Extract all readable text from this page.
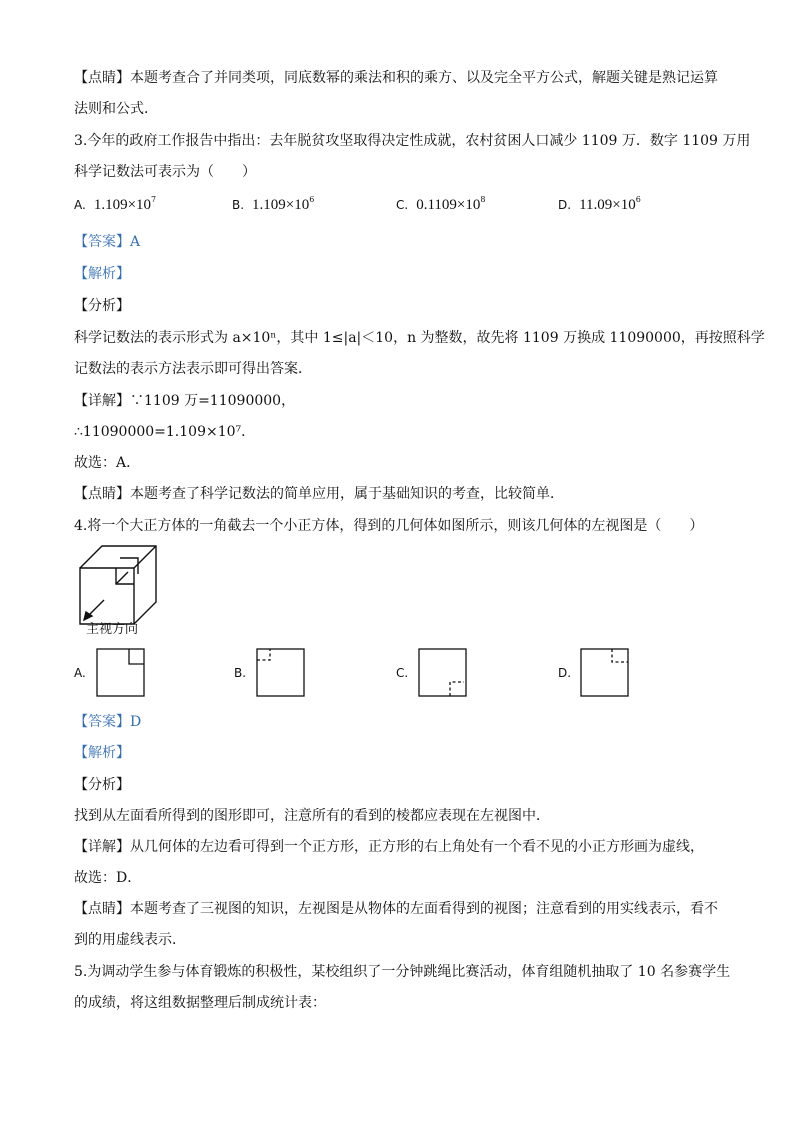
【点睛】本题考查合了并同类项，同底数幂的乘法和积的乘方、以及完全平方公式，解题关键是熟记运算
法则和公式．
3.今年的政府工作报告中指出：去年脱贫攻坚取得决定性成就，农村贫困人口减少 1109 万．数字 1109 万用
科学记数法可表示为（　　）
A. $1.109\times 10^7$	B. $1.109\times 10^6$	C. $0.1109\times 10^8$	D. $11.09\times 10^6$
【答案】A
【解析】
【分析】
科学记数法的表示形式为 a×10ⁿ，其中 1≤|a|＜10，n 为整数，故先将 1109 万换成 11090000，再按照科学
记数法的表示方法表示即可得出答案．
【详解】∵1109 万=11090000，
∴11090000=1.109×10⁷．
故选：A．
【点睛】本题考查了科学记数法的简单应用，属于基础知识的考查，比较简单．
4.将一个大正方体的一角截去一个小正方体，得到的几何体如图所示，则该几何体的左视图是（　　）
主视方向
A.	B.	C.	D.
【答案】D
【解析】
【分析】
找到从左面看所得到的图形即可，注意所有的看到的棱都应表现在左视图中．
【详解】从几何体的左边看可得到一个正方形，正方形的右上角处有一个看不见的小正方形画为虚线，
故选：D．
【点睛】本题考查了三视图的知识，左视图是从物体的左面看得到的视图；注意看到的用实线表示，看不
到的用虚线表示．
5.为调动学生参与体育锻炼的积极性，某校组织了一分钟跳绳比赛活动，体育组随机抽取了 10 名参赛学生
的成绩，将这组数据整理后制成统计表：
